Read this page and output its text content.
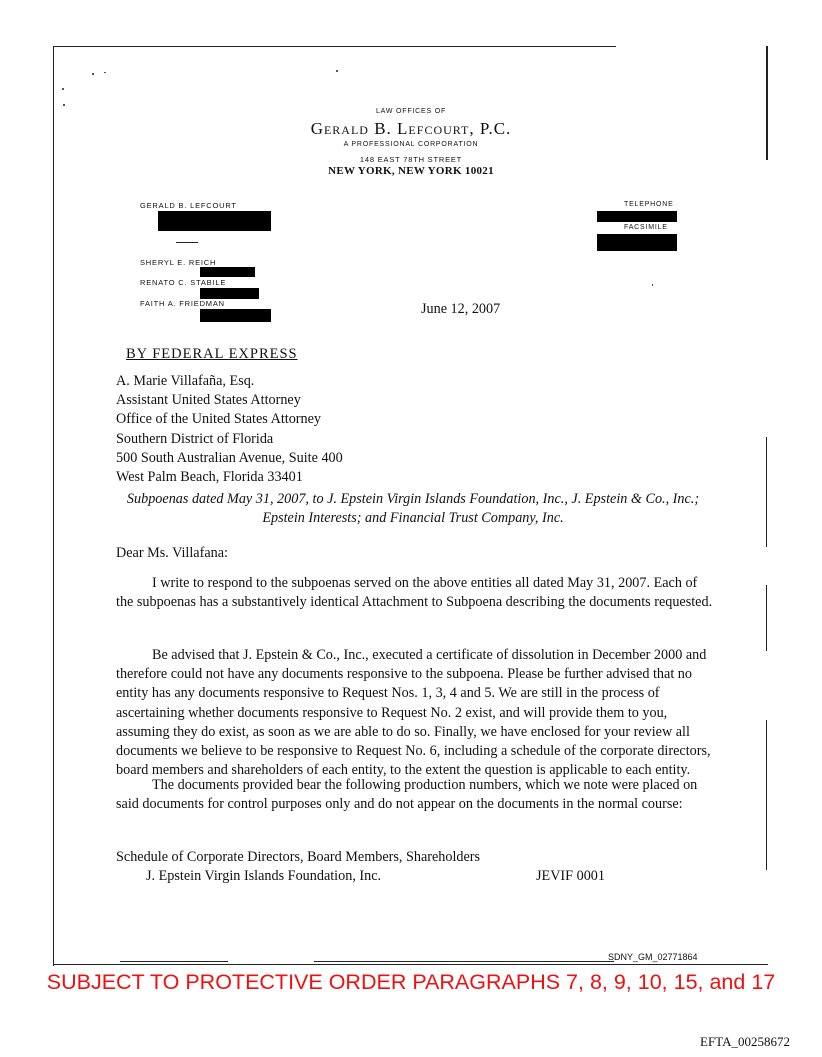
LAW OFFICES OF
Gerald B. Lefcourt, P.C.
A PROFESSIONAL CORPORATION
148 EAST 78TH STREET
NEW YORK, NEW YORK 10021
GERALD B. LEFCOURT
SHERYL E. REICH
RENATO C. STABILE
FAITH A. FRIEDMAN
TELEPHONE
FACSIMILE
June 12, 2007
BY FEDERAL EXPRESS
A. Marie Villafaña, Esq.
Assistant United States Attorney
Office of the United States Attorney
Southern District of Florida
500 South Australian Avenue, Suite 400
West Palm Beach, Florida 33401
Subpoenas dated May 31, 2007, to J. Epstein Virgin Islands Foundation, Inc., J. Epstein & Co., Inc.; Epstein Interests; and Financial Trust Company, Inc.
Dear Ms. Villafana:
I write to respond to the subpoenas served on the above entities all dated May 31, 2007. Each of the subpoenas has a substantively identical Attachment to Subpoena describing the documents requested.
Be advised that J. Epstein & Co., Inc., executed a certificate of dissolution in December 2000 and therefore could not have any documents responsive to the subpoena. Please be further advised that no entity has any documents responsive to Request Nos. 1, 3, 4 and 5. We are still in the process of ascertaining whether documents responsive to Request No. 2 exist, and will provide them to you, assuming they do exist, as soon as we are able to do so. Finally, we have enclosed for your review all documents we believe to be responsive to Request No. 6, including a schedule of the corporate directors, board members and shareholders of each entity, to the extent the question is applicable to each entity.
The documents provided bear the following production numbers, which we note were placed on said documents for control purposes only and do not appear on the documents in the normal course:
Schedule of Corporate Directors, Board Members, Shareholders
J. Epstein Virgin Islands Foundation, Inc.	JEVIF 0001
SDNY_GM_02771864
SUBJECT TO PROTECTIVE ORDER PARAGRAPHS 7, 8, 9, 10, 15, and 17
EFTA_00258672
